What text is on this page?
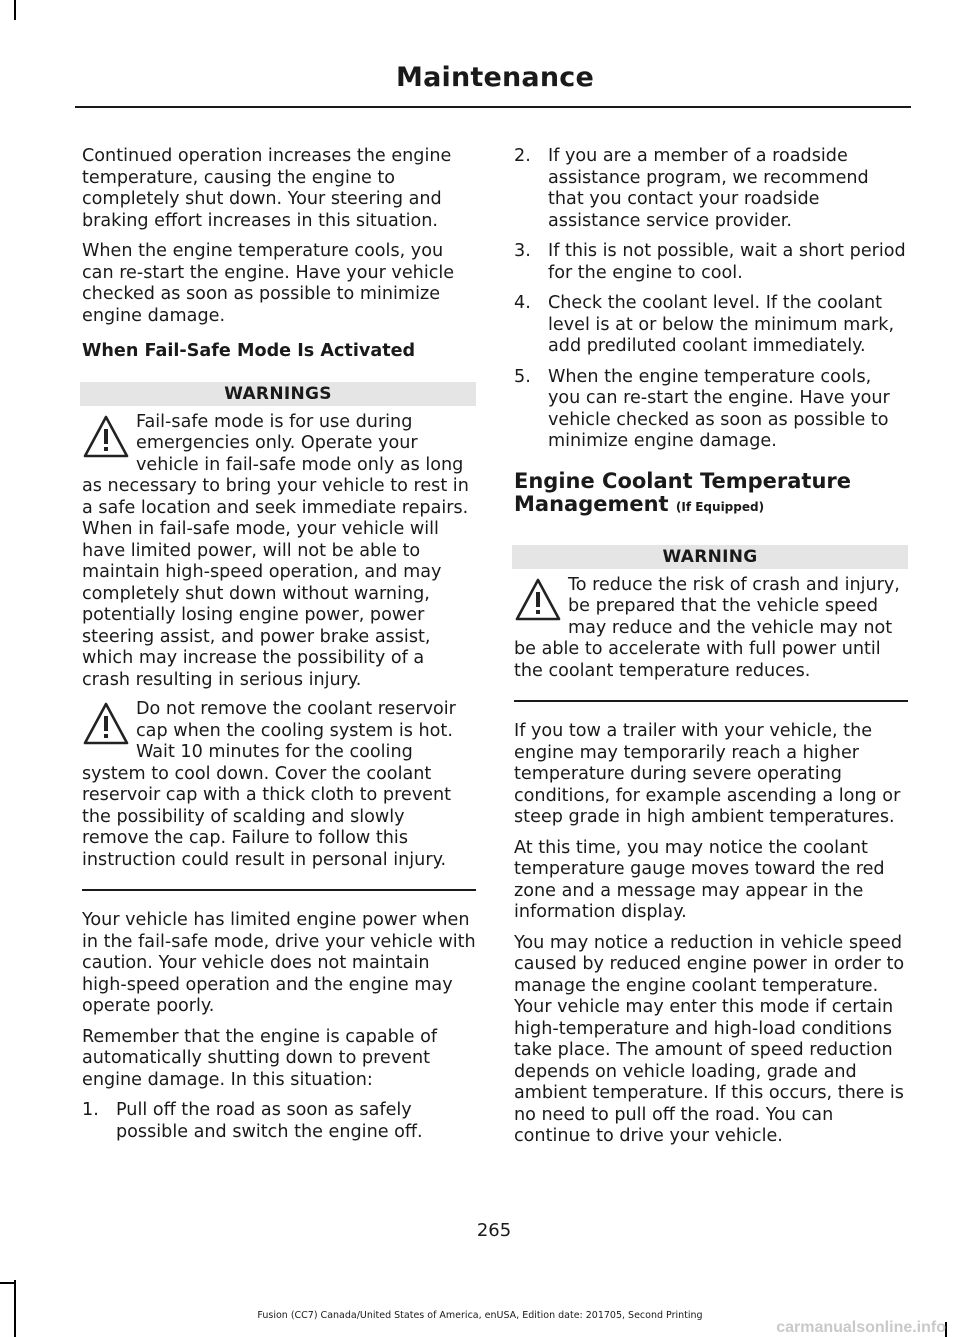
Maintenance

Continued operation increases the engine temperature, causing the engine to completely shut down. Your steering and braking effort increases in this situation.

When the engine temperature cools, you can re-start the engine. Have your vehicle checked as soon as possible to minimize engine damage.

When Fail-Safe Mode Is Activated
WARNINGS
Fail-safe mode is for use during emergencies only. Operate your vehicle in fail-safe mode only as long as necessary to bring your vehicle to rest in a safe location and seek immediate repairs. When in fail-safe mode, your vehicle will have limited power, will not be able to maintain high-speed operation, and may completely shut down without warning, potentially losing engine power, power steering assist, and power brake assist, which may increase the possibility of a crash resulting in serious injury.
Do not remove the coolant reservoir cap when the cooling system is hot. Wait 10 minutes for the cooling system to cool down. Cover the coolant reservoir cap with a thick cloth to prevent the possibility of scalding and slowly remove the cap. Failure to follow this instruction could result in personal injury.

Your vehicle has limited engine power when in the fail-safe mode, drive your vehicle with caution. Your vehicle does not maintain high-speed operation and the engine may operate poorly.

Remember that the engine is capable of automatically shutting down to prevent engine damage. In this situation:

1. Pull off the road as soon as safely possible and switch the engine off.
2. If you are a member of a roadside assistance program, we recommend that you contact your roadside assistance service provider.
3. If this is not possible, wait a short period for the engine to cool.
4. Check the coolant level. If the coolant level is at or below the minimum mark, add prediluted coolant immediately.
5. When the engine temperature cools, you can re-start the engine. Have your vehicle checked as soon as possible to minimize engine damage.
Engine Coolant Temperature Management (If Equipped)
WARNING
To reduce the risk of crash and injury, be prepared that the vehicle speed may reduce and the vehicle may not be able to accelerate with full power until the coolant temperature reduces.

If you tow a trailer with your vehicle, the engine may temporarily reach a higher temperature during severe operating conditions, for example ascending a long or steep grade in high ambient temperatures.

At this time, you may notice the coolant temperature gauge moves toward the red zone and a message may appear in the information display.

You may notice a reduction in vehicle speed caused by reduced engine power in order to manage the engine coolant temperature. Your vehicle may enter this mode if certain high-temperature and high-load conditions take place. The amount of speed reduction depends on vehicle loading, grade and ambient temperature. If this occurs, there is no need to pull off the road. You can continue to drive your vehicle.

265
Fusion (CC7) Canada/United States of America, enUSA, Edition date: 201705, Second Printing
carmanualsonline.info
